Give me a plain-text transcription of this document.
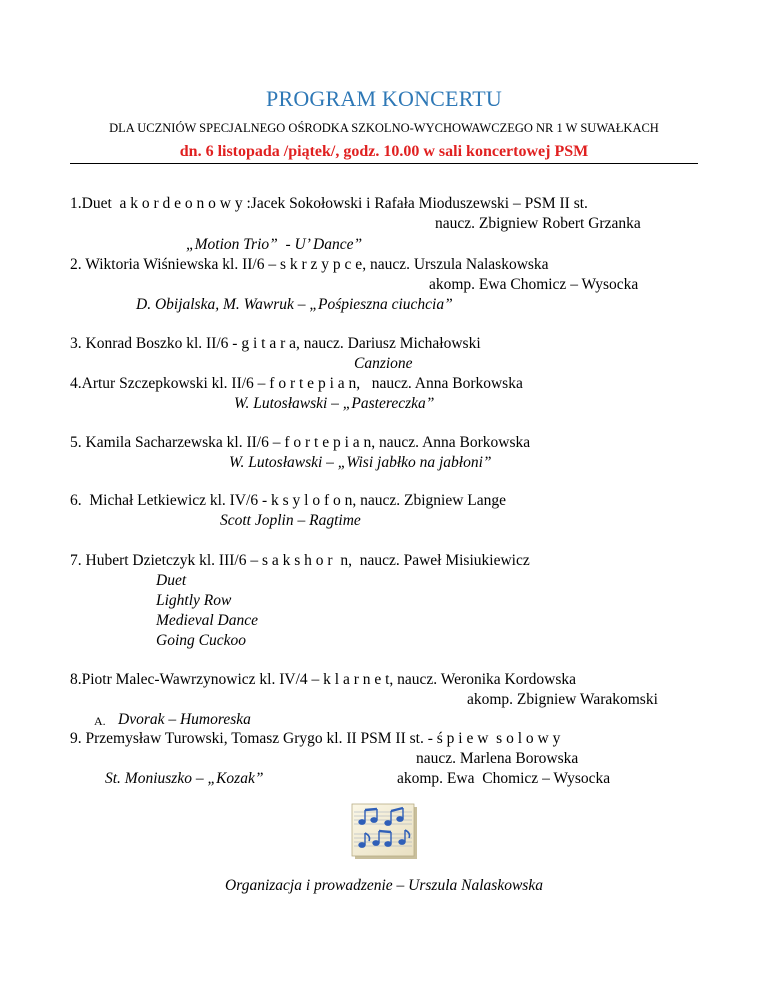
PROGRAM KONCERTU
DLA UCZNIÓW SPECJALNEGO OŚRODKA SZKOLNO-WYCHOWAWCZEGO NR 1 W SUWAŁKACH
dn. 6 listopada /piątek/, godz. 10.00 w sali koncertowej PSM
1.Duet  a k o r d e o n o w y :Jacek Sokołowski i Rafała Mioduszewski – PSM II st.
naucz. Zbigniew Robert Grzanka
„Motion Trio”  - U’ Dance”
2. Wiktoria Wiśniewska kl. II/6 – s k r z y p c e, naucz. Urszula Nalaskowska
akomp. Ewa Chomicz – Wysocka
D. Obijalska, M. Wawruk – „Pośpieszna ciuchcia”
3. Konrad Boszko kl. II/6 - g i t a r a, naucz. Dariusz Michałowski
Canzione
4.Artur Szczepkowski kl. II/6 – f o r t e p i a n,   naucz. Anna Borkowska
W. Lutosławski – „Pastereczka”
5. Kamila Sacharzewska kl. II/6 – f o r t e p i a n, naucz. Anna Borkowska
W. Lutosławski – „Wisi jabłko na jabłoni”
6.  Michał Letkiewicz kl. IV/6 - k s y l o f o n, naucz. Zbigniew Lange
Scott Joplin – Ragtime
7. Hubert Dzietczyk kl. III/6 – s a k s h o r  n,  naucz. Paweł Misiukiewicz
Duet
Lightly Row
Medieval Dance
Going Cuckoo
8.Piotr Malec-Wawrzynowicz kl. IV/4 – k l a r n e t, naucz. Weronika Kordowska
akomp. Zbigniew Warakomski
A. Dvorak – Humoreska
9. Przemysław Turowski, Tomasz Grygo kl. II PSM II st. - ś p i e w  s o l o w y
naucz. Marlena Borowska
St. Moniuszko – „Kozak”	akomp. Ewa  Chomicz – Wysocka
Organizacja i prowadzenie – Urszula Nalaskowska
